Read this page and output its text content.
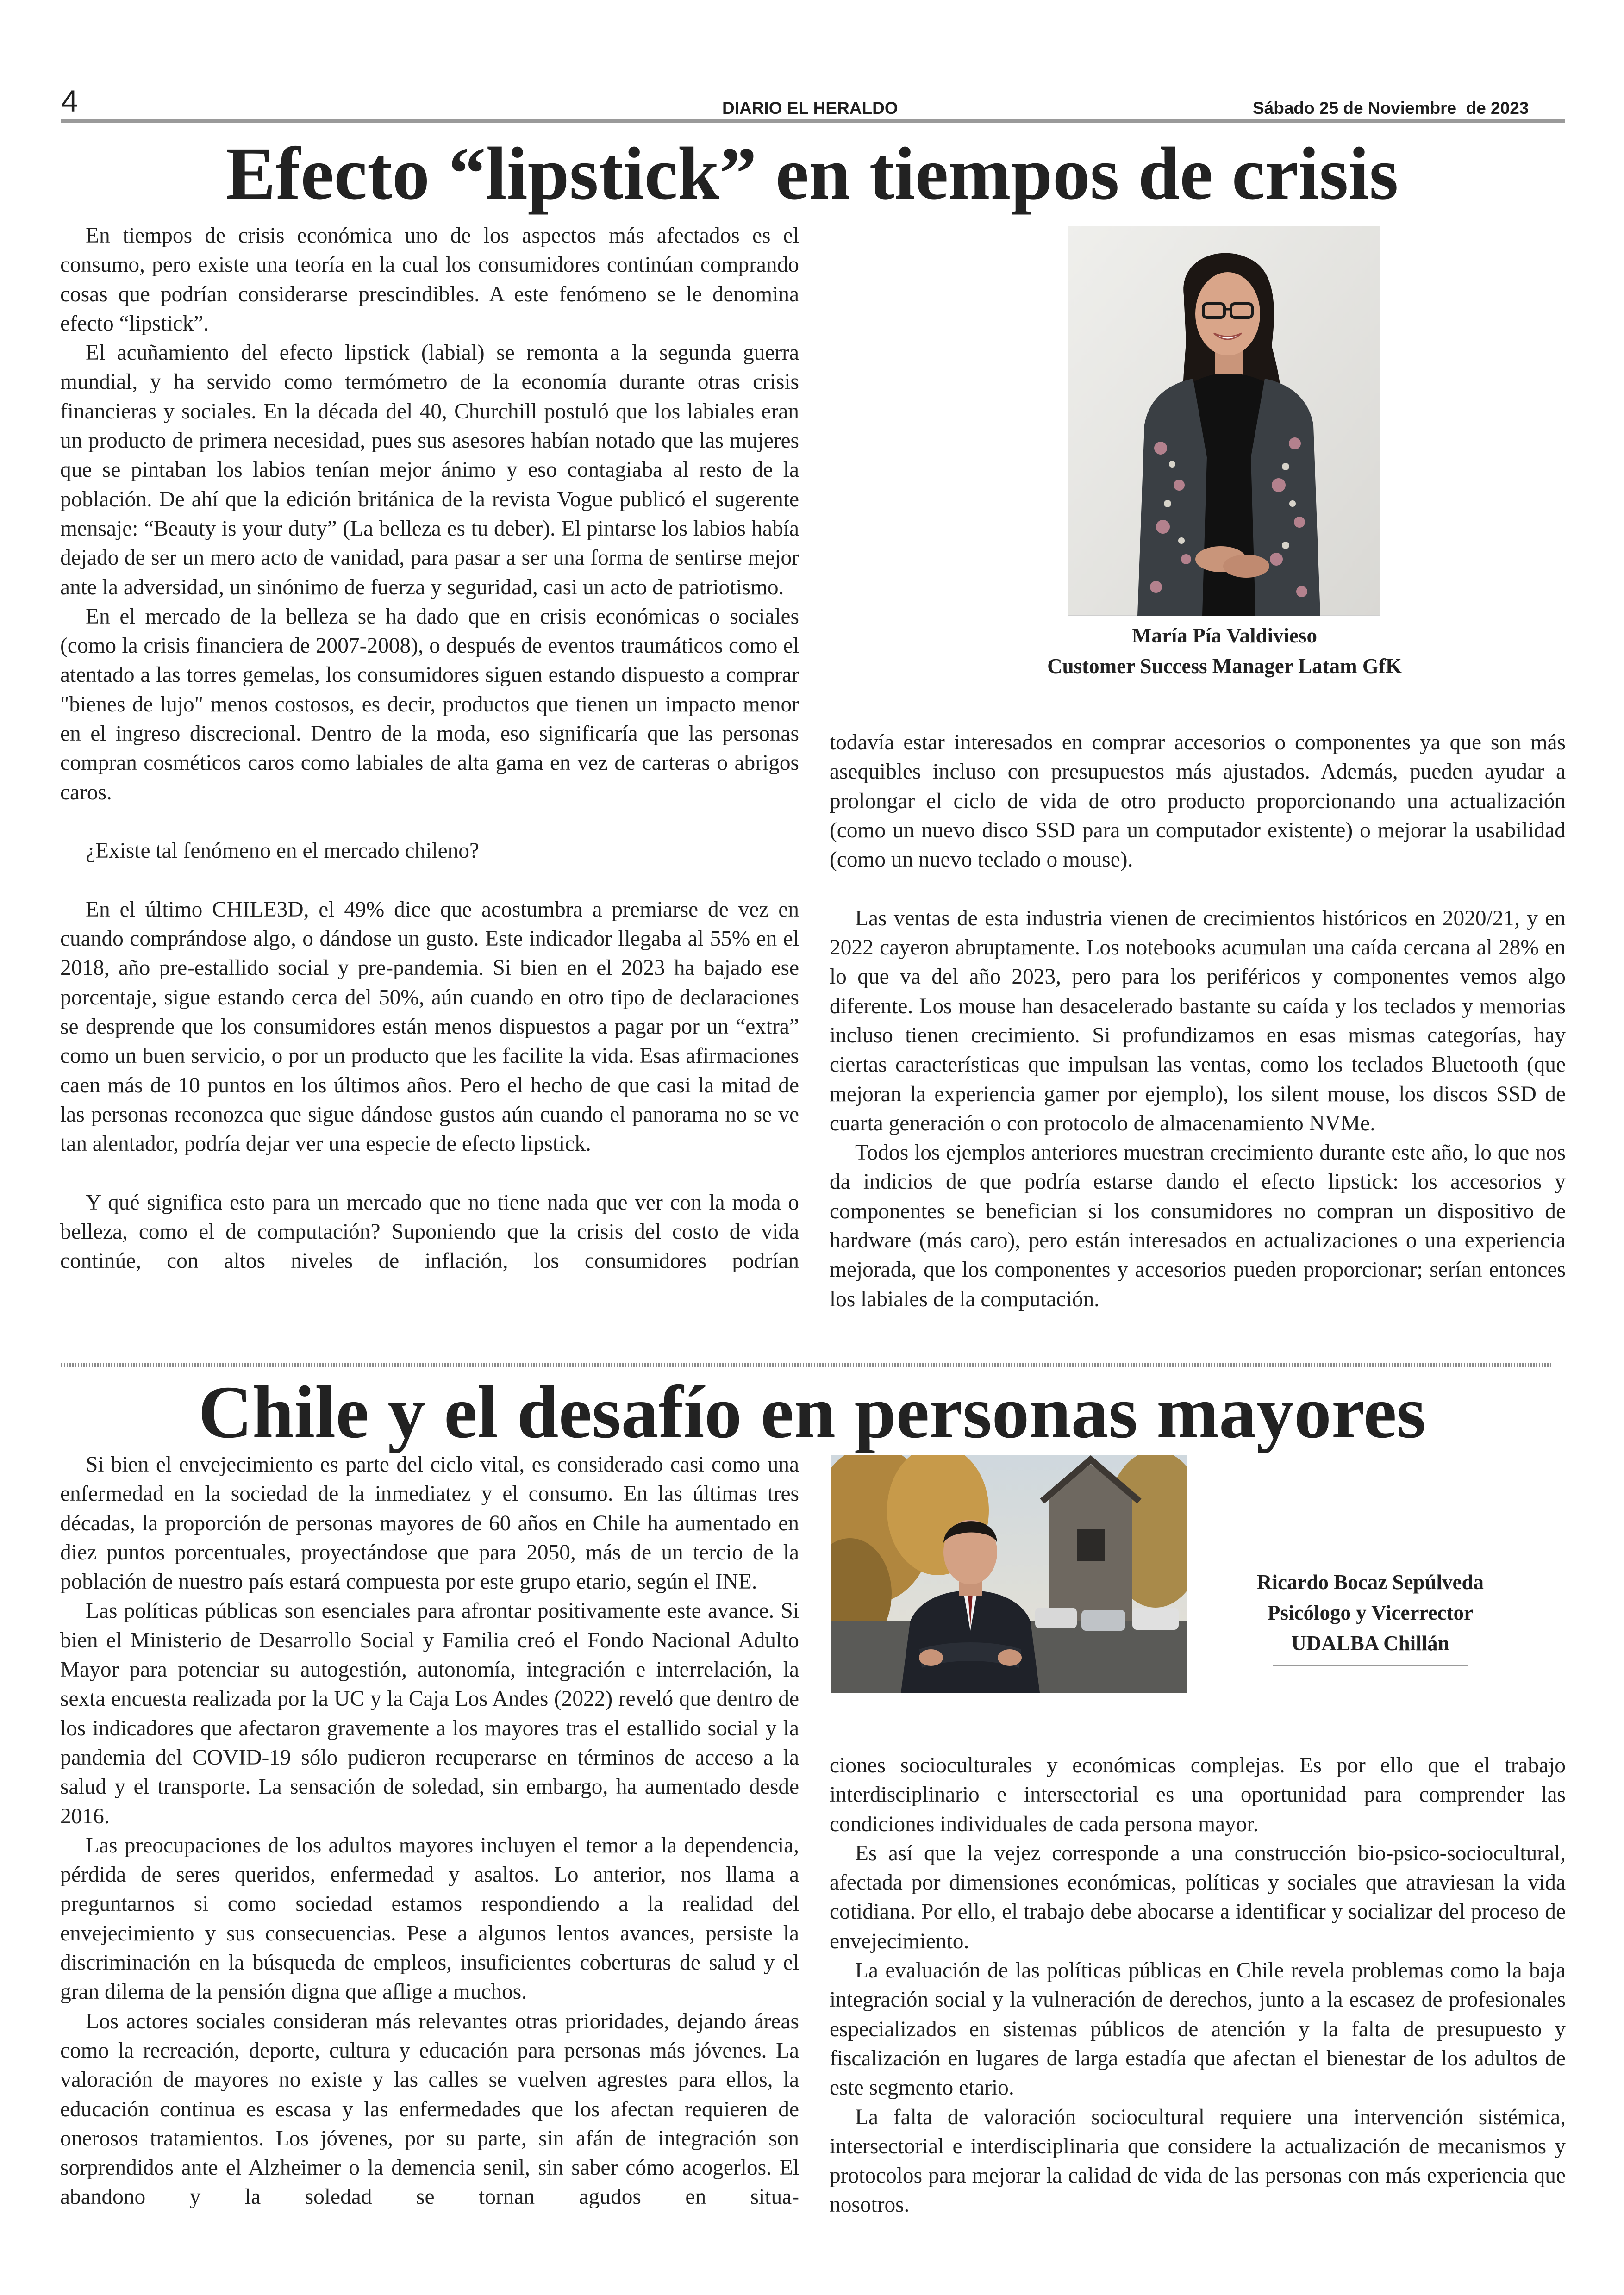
4	DIARIO EL HERALDO	Sábado 25 de Noviembre  de 2023
Efecto “lipstick” en tiempos de crisis

En tiempos de crisis económica uno de los aspectos más afectados es el consumo, pero existe una teoría en la cual los consumidores continúan comprando cosas que podrían considerarse prescindibles. A este fenómeno se le denomina efecto “lipstick”.

El acuñamiento del efecto lipstick (labial) se remonta a la segunda guerra mundial, y ha servido como termómetro de la economía durante otras crisis financieras y sociales. En la década del 40, Churchill postuló que los labiales eran un producto de primera necesidad, pues sus asesores habían notado que las mujeres que se pintaban los labios tenían mejor ánimo y eso contagiaba al resto de la población. De ahí que la edición británica de la revista Vogue publicó el sugerente mensaje: “Beauty is your duty” (La belleza es tu deber). El pintarse los labios había dejado de ser un mero acto de vanidad, para pasar a ser una forma de sentirse mejor ante la adversidad, un sinónimo de fuerza y seguridad, casi un acto de patriotismo.

En el mercado de la belleza se ha dado que en crisis económicas o sociales (como la crisis financiera de 2007-2008), o después de eventos traumáticos como el atentado a las torres gemelas, los consumidores siguen estando dispuesto a comprar "bienes de lujo" menos costosos, es decir, productos que tienen un impacto menor en el ingreso discrecional. Dentro de la moda, eso significaría que las personas compran cosméticos caros como labiales de alta gama en vez de carteras o abrigos caros.

¿Existe tal fenómeno en el mercado chileno?

En el último CHILE3D, el 49% dice que acostumbra a premiarse de vez en cuando comprándose algo, o dándose un gusto. Este indicador llegaba al 55% en el 2018, año pre-estallido social y pre-pandemia. Si bien en el 2023 ha bajado ese porcentaje, sigue estando cerca del 50%, aún cuando en otro tipo de declaraciones se desprende que los consumidores están menos dispuestos a pagar por un “extra” como un buen servicio, o por un producto que les facilite la vida. Esas afirmaciones caen más de 10 puntos en los últimos años. Pero el hecho de que casi la mitad de las personas reconozca que sigue dándose gustos aún cuando el panorama no se ve tan alentador, podría dejar ver una especie de efecto lipstick.

Y qué significa esto para un mercado que no tiene nada que ver con la moda o belleza, como el de computación? Suponiendo que la crisis del costo de vida continúe, con altos niveles de inflación, los consumidores podrían

María Pía Valdivieso
Customer Success Manager Latam GfK

todavía estar interesados en comprar accesorios o componentes ya que son más asequibles incluso con presupuestos más ajustados. Además, pueden ayudar a prolongar el ciclo de vida de otro producto proporcionando una actualización (como un nuevo disco SSD para un computador existente) o mejorar la usabilidad (como un nuevo teclado o mouse).

Las ventas de esta industria vienen de crecimientos históricos en 2020/21, y en 2022 cayeron abruptamente. Los notebooks acumulan una caída cercana al 28% en lo que va del año 2023, pero para los periféricos y componentes vemos algo diferente. Los mouse han desacelerado bastante su caída y los teclados y memorias incluso tienen crecimiento. Si profundizamos en esas mismas categorías, hay ciertas características que impulsan las ventas, como los teclados Bluetooth (que mejoran la experiencia gamer por ejemplo), los silent mouse, los discos SSD de cuarta generación o con protocolo de almacenamiento NVMe.

Todos los ejemplos anteriores muestran crecimiento durante este año, lo que nos da indicios de que podría estarse dando el efecto lipstick: los accesorios y componentes se benefician si los consumidores no compran un dispositivo de hardware (más caro), pero están interesados en actualizaciones o una experiencia mejorada, que los componentes y accesorios pueden proporcionar; serían entonces los labiales de la computación.

Chile y el desafío en personas mayores

Si bien el envejecimiento es parte del ciclo vital, es considerado casi como una enfermedad en la sociedad de la inmediatez y el consumo. En las últimas tres décadas, la proporción de personas mayores de 60 años en Chile ha aumentado en diez puntos porcentuales, proyectándose que para 2050, más de un tercio de la población de nuestro país estará compuesta por este grupo etario, según el INE.

Las políticas públicas son esenciales para afrontar positivamente este avance. Si bien el Ministerio de Desarrollo Social y Familia creó el Fondo Nacional Adulto Mayor para potenciar su autogestión, autonomía, integración e interrelación, la sexta encuesta realizada por la UC y la Caja Los Andes (2022) reveló que dentro de los indicadores que afectaron gravemente a los mayores tras el estallido social y la pandemia del COVID-19 sólo pudieron recuperarse en términos de acceso a la salud y el transporte. La sensación de soledad, sin embargo, ha aumentado desde 2016.

Las preocupaciones de los adultos mayores incluyen el temor a la dependencia, pérdida de seres queridos, enfermedad y asaltos. Lo anterior, nos llama a preguntarnos si como sociedad estamos respondiendo a la realidad del envejecimiento y sus consecuencias. Pese a algunos lentos avances, persiste la discriminación en la búsqueda de empleos, insuficientes coberturas de salud y el gran dilema de la pensión digna que aflige a muchos.

Los actores sociales consideran más relevantes otras prioridades, dejando áreas como la recreación, deporte, cultura y educación para personas más jóvenes. La valoración de mayores no existe y las calles se vuelven agrestes para ellos, la educación continua es escasa y las enfermedades que los afectan requieren de onerosos tratamientos. Los jóvenes, por su parte, sin afán de integración son sorprendidos ante el Alzheimer o la demencia senil, sin saber cómo acogerlos. El abandono y la soledad se tornan agudos en situa-

Ricardo Bocaz Sepúlveda
Psicólogo y Vicerrector
UDALBA Chillán

ciones socioculturales y económicas complejas. Es por ello que el trabajo interdisciplinario e intersectorial es una oportunidad para comprender las condiciones individuales de cada persona mayor.

Es así que la vejez corresponde a una construcción bio-psico-sociocultural, afectada por dimensiones económicas, políticas y sociales que atraviesan la vida cotidiana. Por ello, el trabajo debe abocarse a identificar y socializar del proceso de envejecimiento.

La evaluación de las políticas públicas en Chile revela problemas como la baja integración social y la vulneración de derechos, junto a la escasez de profesionales especializados en sistemas públicos de atención y la falta de presupuesto y fiscalización en lugares de larga estadía que afectan el bienestar de los adultos de este segmento etario.

La falta de valoración sociocultural requiere una intervención sistémica, intersectorial e interdisciplinaria que considere la actualización de mecanismos y protocolos para mejorar la calidad de vida de las personas con más experiencia que nosotros.
